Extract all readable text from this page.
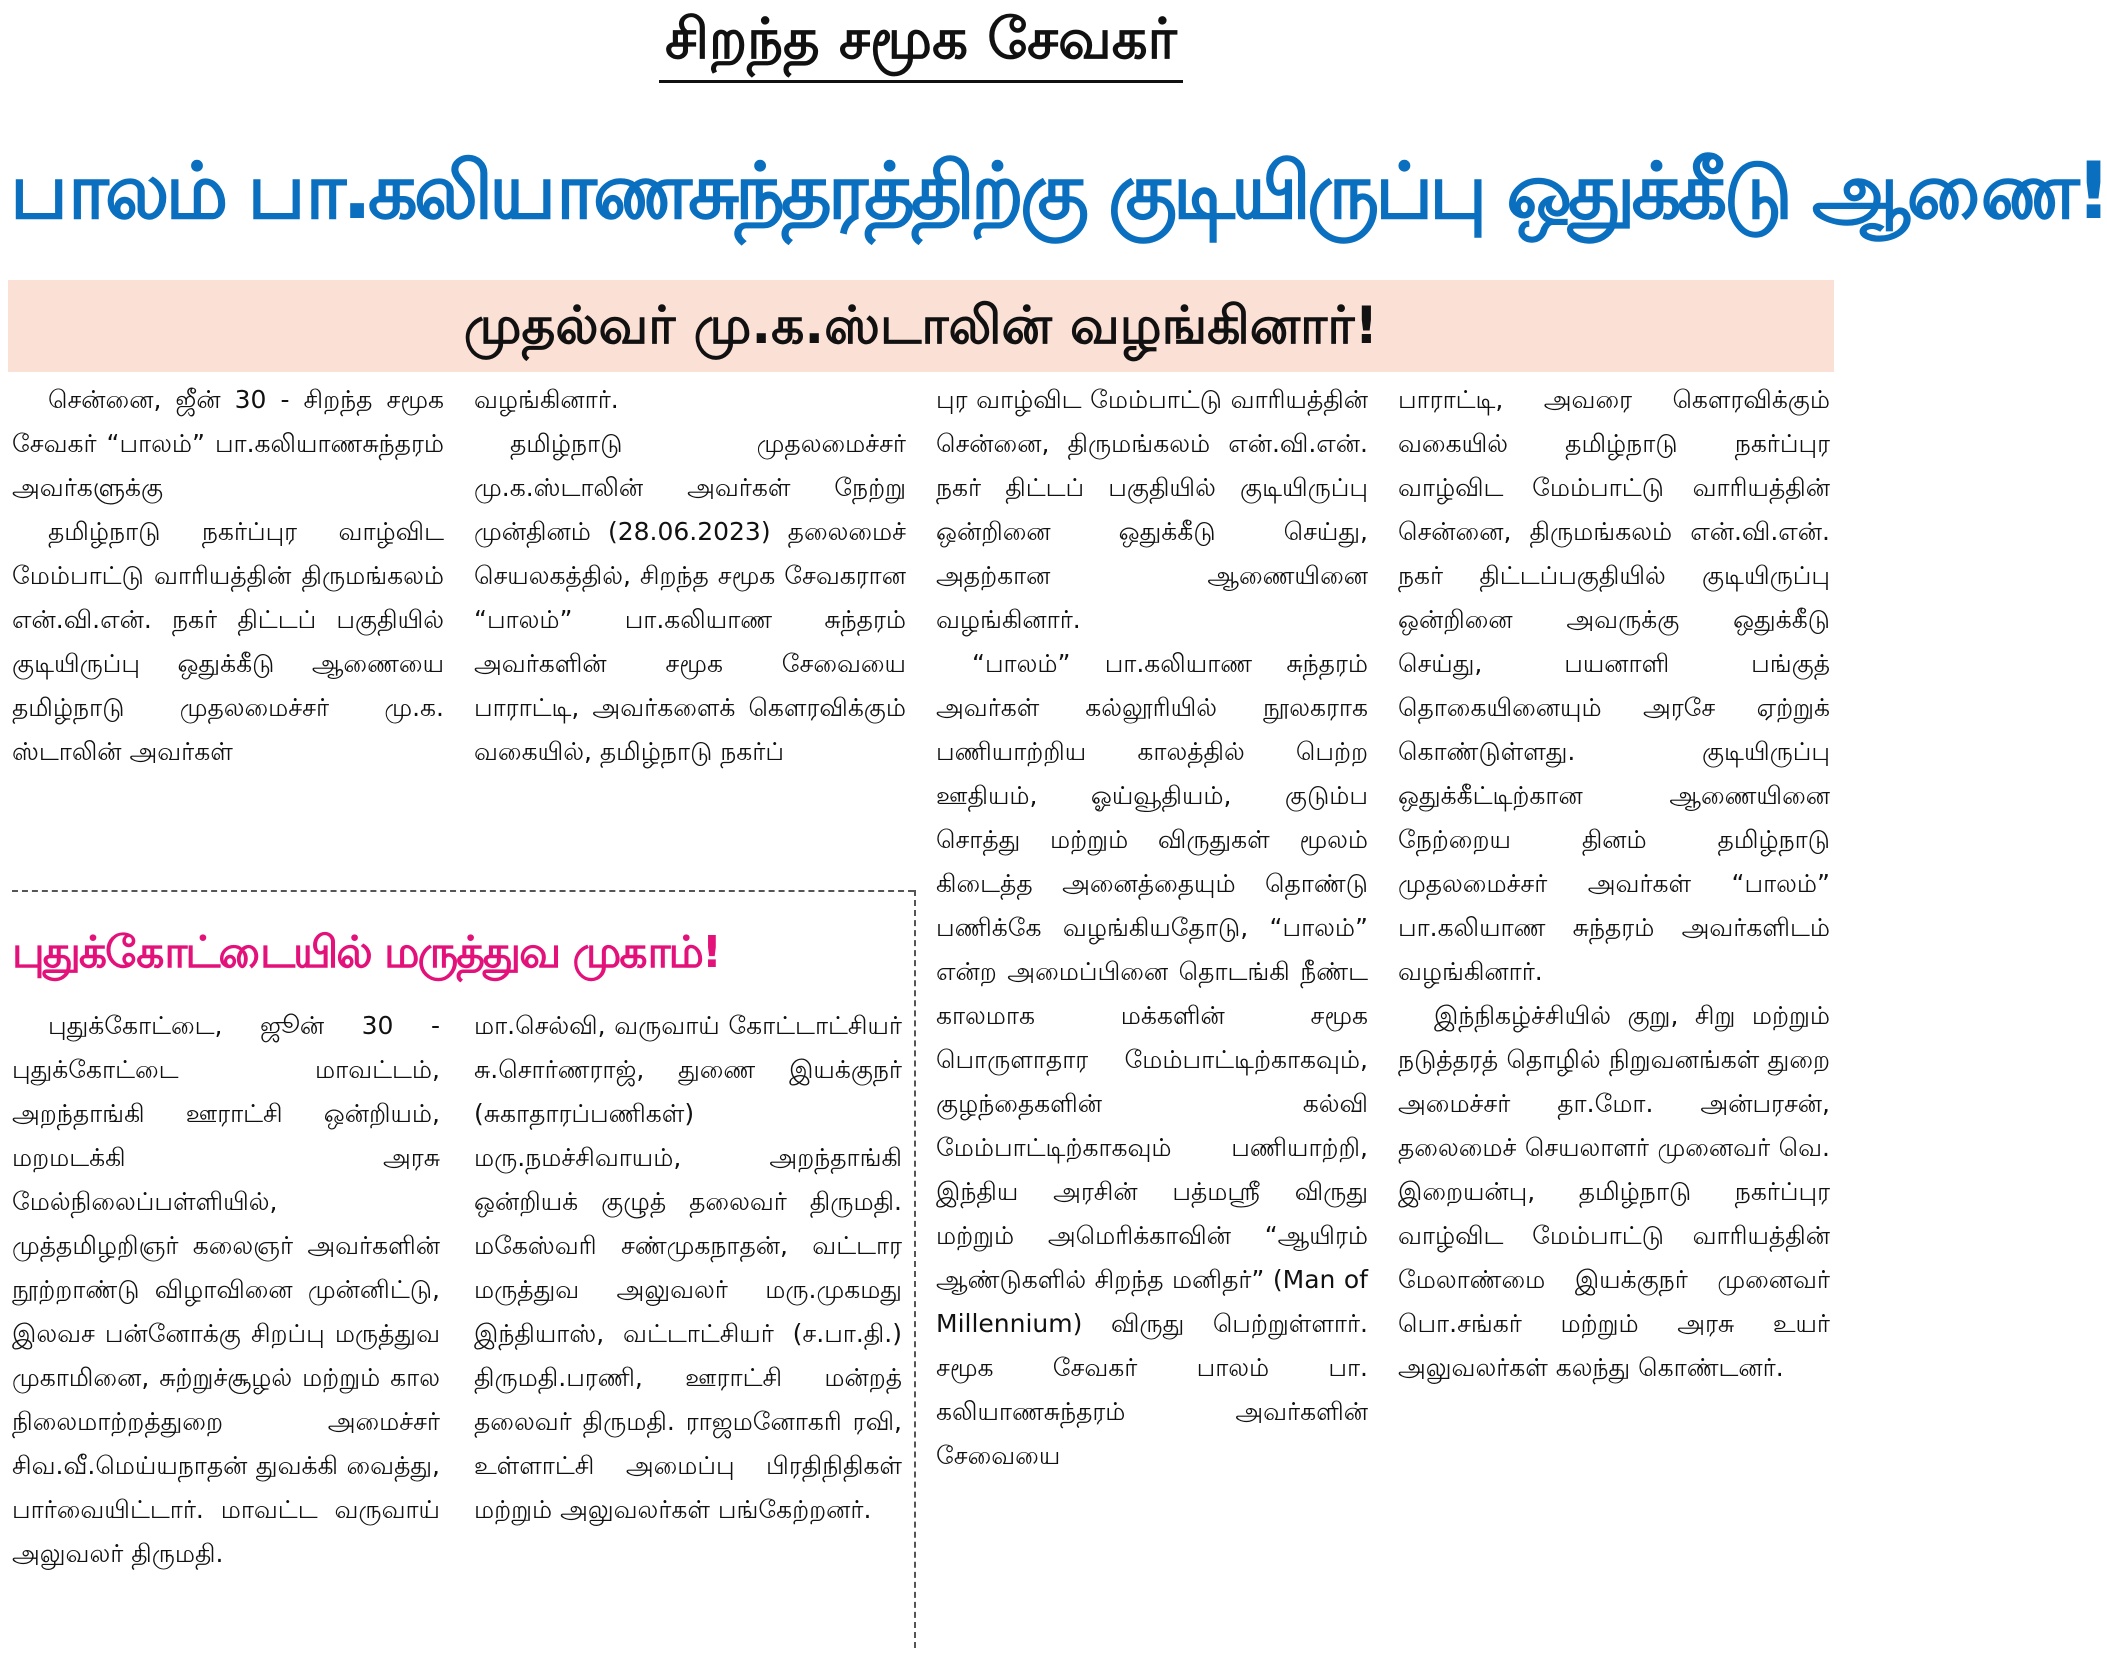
சிறந்த சமூக சேவகர்
பாலம் பா.கலியாணசுந்தரத்திற்கு குடியிருப்பு ஒதுக்கீடு ஆணை!
முதல்வர் மு.க.ஸ்டாலின் வழங்கினார்!

சென்னை, ஜீன் 30 - சிறந்த சமூக சேவகர் “பாலம்” பா.கலியாணசுந்தரம் அவர்களுக்கு

தமிழ்நாடு நகர்ப்புர வாழ்விட மேம்பாட்டு வாரியத்தின் திருமங்கலம் என்.வி.என். நகர் திட்டப் பகுதியில் குடியிருப்பு ஒதுக்கீடு ஆணையை தமிழ்நாடு முதலமைச்சர் மு.க. ஸ்டாலின் அவர்கள்

வழங்கினார்.

தமிழ்நாடு முதலமைச்சர் மு.க.ஸ்டாலின் அவர்கள் நேற்று முன்தினம் (28.06.2023) தலைமைச் செயலகத்தில், சிறந்த சமூக சேவகரான “பாலம்” பா.கலியாண சுந்தரம் அவர்களின் சமூக சேவையை பாராட்டி, அவர்களைக் கௌரவிக்கும் வகையில், தமிழ்நாடு நகர்ப்

புர வாழ்விட மேம்பாட்டு வாரியத்தின் சென்னை, திருமங்கலம் என்.வி.என். நகர் திட்டப் பகுதியில் குடியிருப்பு ஒன்றினை ஒதுக்கீடு செய்து, அதற்கான ஆணையினை வழங்கினார்.

“பாலம்” பா.கலியாண சுந்தரம் அவர்கள் கல்லூரியில் நூலகராக பணியாற்றிய காலத்தில் பெற்ற ஊதியம், ஓய்வூதியம், குடும்ப சொத்து மற்றும் விருதுகள் மூலம் கிடைத்த அனைத்தையும் தொண்டு பணிக்கே வழங்கியதோடு, “பாலம்” என்ற அமைப்பினை தொடங்கி நீண்ட காலமாக மக்களின் சமூக பொருளாதார மேம்பாட்டிற்காகவும், குழந்தைகளின் கல்வி மேம்பாட்டிற்காகவும் பணியாற்றி, இந்திய அரசின் பத்மஸ்ரீ விருது மற்றும் அமெரிக்காவின் “ஆயிரம் ஆண்டுகளில் சிறந்த மனிதர்” (Man of Millennium) விருது பெற்றுள்ளார். சமூக சேவகர் பாலம் பா. கலியாணசுந்தரம் அவர்களின் சேவையை

பாராட்டி, அவரை கௌரவிக்கும் வகையில் தமிழ்நாடு நகர்ப்புர வாழ்விட மேம்பாட்டு வாரியத்தின் சென்னை, திருமங்கலம் என்.வி.என். நகர் திட்டப்பகுதியில் குடியிருப்பு ஒன்றினை அவருக்கு ஒதுக்கீடு செய்து, பயனாளி பங்குத் தொகையினையும் அரசே ஏற்றுக் கொண்டுள்ளது. குடியிருப்பு ஒதுக்கீட்டிற்கான ஆணையினை நேற்றைய தினம் தமிழ்நாடு முதலமைச்சர் அவர்கள் “பாலம்” பா.கலியாண சுந்தரம் அவர்களிடம் வழங்கினார்.

இந்நிகழ்ச்சியில் குறு, சிறு மற்றும் நடுத்தரத் தொழில் நிறுவனங்கள் துறை அமைச்சர் தா.மோ. அன்பரசன், தலைமைச் செயலாளர் முனைவர் வெ. இறையன்பு, தமிழ்நாடு நகர்ப்புர வாழ்விட மேம்பாட்டு வாரியத்தின் மேலாண்மை இயக்குநர் முனைவர் பொ.சங்கர் மற்றும் அரசு உயர் அலுவலர்கள் கலந்து கொண்டனர்.

புதுக்கோட்டையில் மருத்துவ முகாம்!

புதுக்கோட்டை, ஜூன் 30 - புதுக்கோட்டை மாவட்டம், அறந்தாங்கி ஊராட்சி ஒன்றியம், மறமடக்கி அரசு மேல்நிலைப்பள்ளியில், முத்தமிழறிஞர் கலைஞர் அவர்களின் நூற்றாண்டு விழாவினை முன்னிட்டு, இலவச பன்னோக்கு சிறப்பு மருத்துவ முகாமினை, சுற்றுச்சூழல் மற்றும் கால நிலைமாற்றத்துறை அமைச்சர் சிவ.வீ.மெய்யநாதன் துவக்கி வைத்து, பார்வையிட்டார். மாவட்ட வருவாய் அலுவலர் திருமதி.

மா.செல்வி, வருவாய் கோட்டாட்சியர் சு.சொர்ணராஜ், துணை இயக்குநர் (சுகாதாரப்பணிகள்) மரு.நமச்சிவாயம், அறந்தாங்கி ஒன்றியக் குழுத் தலைவர் திருமதி. மகேஸ்வரி சண்முகநாதன், வட்டார மருத்துவ அலுவலர் மரு.முகமது இந்தியாஸ், வட்டாட்சியர் (ச.பா.தி.) திருமதி.பரணி, ஊராட்சி மன்றத் தலைவர் திருமதி. ராஜமனோகரி ரவி, உள்ளாட்சி அமைப்பு பிரதிநிதிகள் மற்றும் அலுவலர்கள் பங்கேற்றனர்.
